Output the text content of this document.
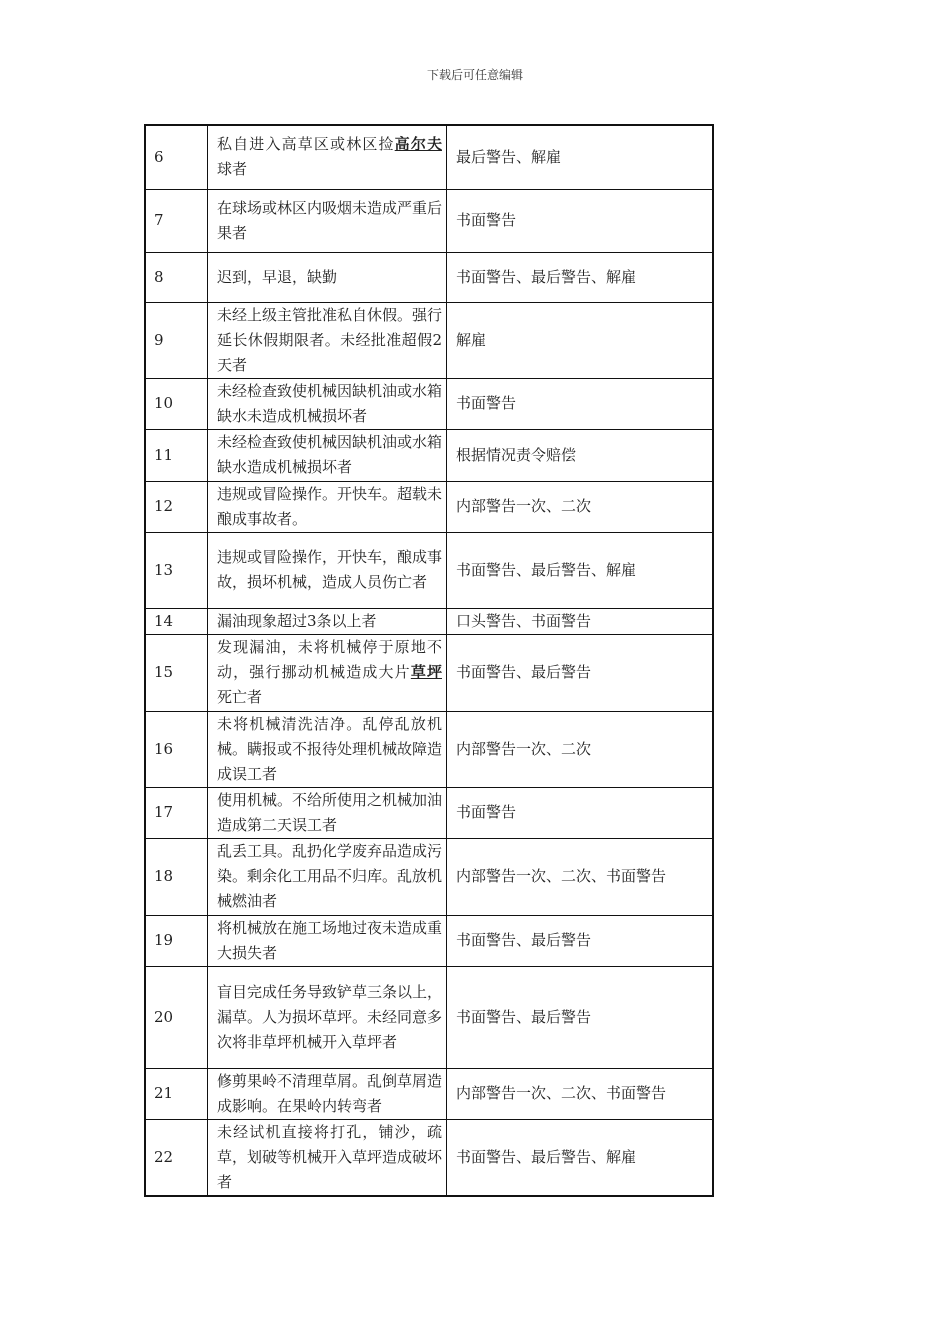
下载后可任意编辑
6	私自进入高草区或林区捡高尔夫球者	最后警告、解雇
7	在球场或林区内吸烟未造成严重后果者	书面警告
8	迟到，早退，缺勤	书面警告、最后警告、解雇
9	未经上级主管批准私自休假。强行延长休假期限者。未经批准超假2天者	解雇
10	未经检查致使机械因缺机油或水箱缺水未造成机械损坏者	书面警告
11	未经检查致使机械因缺机油或水箱缺水造成机械损坏者	根据情况责令赔偿
12	违规或冒险操作。开快车。超载未酿成事故者。	内部警告一次、二次
13	违规或冒险操作，开快车，酿成事故，损坏机械，造成人员伤亡者	书面警告、最后警告、解雇
14	漏油现象超过3条以上者	口头警告、书面警告
15	发现漏油，未将机械停于原地不动，强行挪动机械造成大片草坪死亡者	书面警告、最后警告
16	未将机械清洗洁净。乱停乱放机械。瞒报或不报待处理机械故障造成误工者	内部警告一次、二次
17	使用机械。不给所使用之机械加油造成第二天误工者	书面警告
18	乱丢工具。乱扔化学废弃品造成污染。剩余化工用品不归库。乱放机械燃油者	内部警告一次、二次、书面警告
19	将机械放在施工场地过夜未造成重大损失者	书面警告、最后警告
20	盲目完成任务导致铲草三条以上，漏草。人为损坏草坪。未经同意多次将非草坪机械开入草坪者	书面警告、最后警告
21	修剪果岭不清理草屑。乱倒草屑造成影响。在果岭内转弯者	内部警告一次、二次、书面警告
22	未经试机直接将打孔，铺沙，疏草，划破等机械开入草坪造成破坏者	书面警告、最后警告、解雇
